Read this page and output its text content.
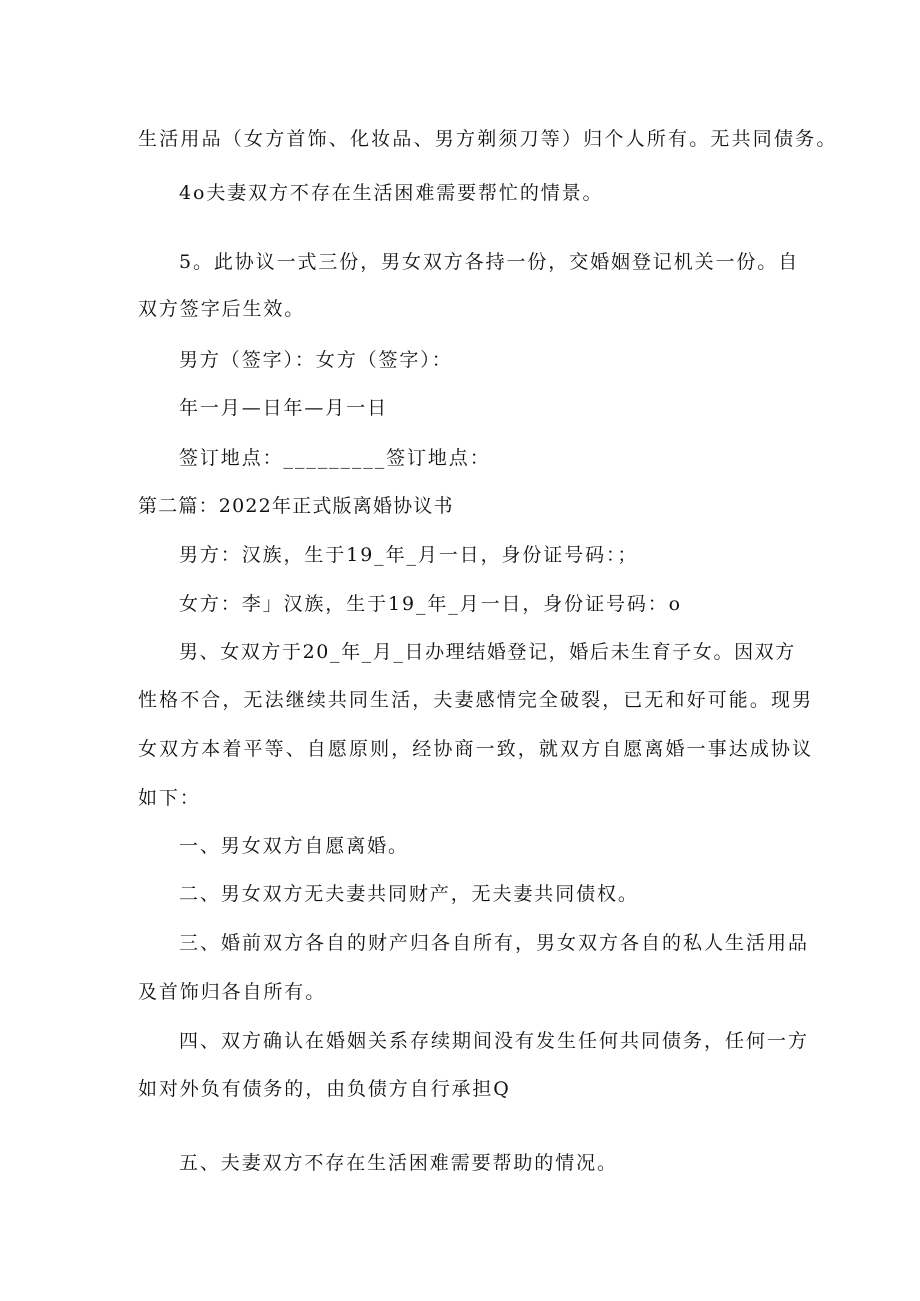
生活用品（女方首饰、化妆品、男方剃须刀等）归个人所有。无共同债务。
4o夫妻双方不存在生活困难需要帮忙的情景。
5。此协议一式三份，男女双方各持一份，交婚姻登记机关一份。自
双方签字后生效。
男方（签字）：女方（签字）：
年一月—日年—月一日
签订地点：_________签订地点：
第二篇：2022年正式版离婚协议书
男方：汉族，生于19_年_月一日，身份证号码：；
女方：李」汉族，生于19_年_月一日，身份证号码：o
男、女双方于20_年_月_日办理结婚登记，婚后未生育子女。因双方
性格不合，无法继续共同生活，夫妻感情完全破裂，已无和好可能。现男
女双方本着平等、自愿原则，经协商一致，就双方自愿离婚一事达成协议
如下：
一、男女双方自愿离婚。
二、男女双方无夫妻共同财产，无夫妻共同债权。
三、婚前双方各自的财产归各自所有，男女双方各自的私人生活用品
及首饰归各自所有。
四、双方确认在婚姻关系存续期间没有发生任何共同债务，任何一方
如对外负有债务的，由负债方自行承担Q
五、夫妻双方不存在生活困难需要帮助的情况。
